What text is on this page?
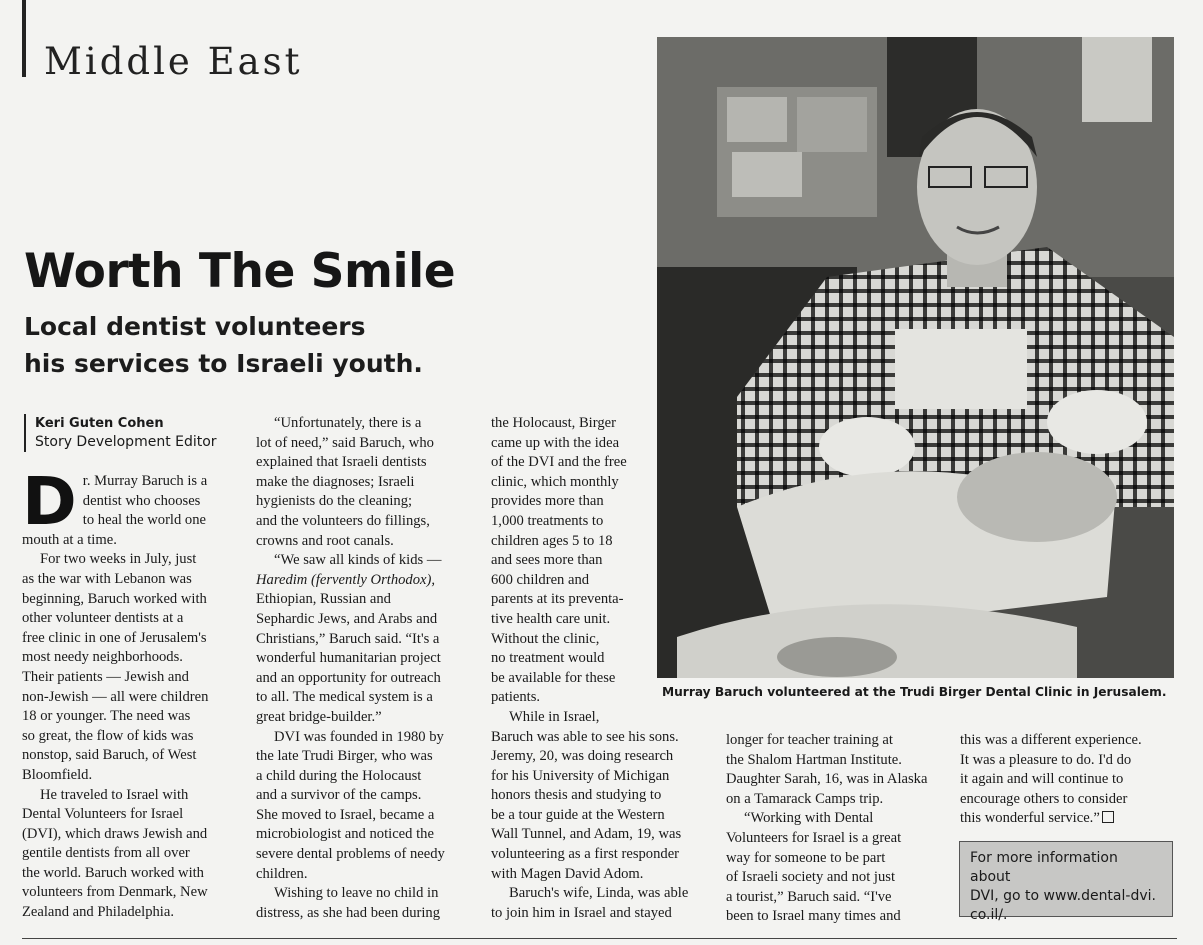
Middle East
Worth The Smile
Local dentist volunteers
his services to Israeli youth.
Keri Guten Cohen
Story Development Editor
D r. Murray Baruch is a

dentist who chooses

to heal the world one

mouth at a time.

For two weeks in July, just

as the war with Lebanon was

beginning, Baruch worked with

other volunteer dentists at a

free clinic in one of Jerusalem's

most needy neighborhoods.

Their patients — Jewish and

non-Jewish — all were children

18 or younger. The need was

so great, the flow of kids was

nonstop, said Baruch, of West

Bloomfield.

He traveled to Israel with

Dental Volunteers for Israel

(DVI), which draws Jewish and

gentile dentists from all over

the world. Baruch worked with

volunteers from Denmark, New

Zealand and Philadelphia.

“Unfortunately, there is a

lot of need,” said Baruch, who

explained that Israeli dentists

make the diagnoses; Israeli

hygienists do the cleaning;

and the volunteers do fillings,

crowns and root canals.

“We saw all kinds of kids —

Haredim (fervently Orthodox),

Ethiopian, Russian and

Sephardic Jews, and Arabs and

Christians,” Baruch said. “It's a

wonderful humanitarian project

and an opportunity for outreach

to all. The medical system is a

great bridge-builder.”

DVI was founded in 1980 by

the late Trudi Birger, who was

a child during the Holocaust

and a survivor of the camps.

She moved to Israel, became a

microbiologist and noticed the

severe dental problems of needy

children.

Wishing to leave no child in

distress, as she had been during

the Holocaust, Birger

came up with the idea

of the DVI and the free

clinic, which monthly

provides more than

1,000 treatments to

children ages 5 to 18

and sees more than

600 children and

parents at its preventa-

tive health care unit.

Without the clinic,

no treatment would

be available for these

patients.

While in Israel,

Baruch was able to see his sons.

Jeremy, 20, was doing research

for his University of Michigan

honors thesis and studying to

be a tour guide at the Western

Wall Tunnel, and Adam, 19, was

volunteering as a first responder

with Magen David Adom.

Baruch's wife, Linda, was able

to join him in Israel and stayed

Murray Baruch volunteered at the Trudi Birger Dental Clinic in Jerusalem.

longer for teacher training at

the Shalom Hartman Institute.

Daughter Sarah, 16, was in Alaska

on a Tamarack Camps trip.

“Working with Dental

Volunteers for Israel is a great

way for someone to be part

of Israeli society and not just

a tourist,” Baruch said. “I've

been to Israel many times and

this was a different experience.

It was a pleasure to do. I'd do

it again and will continue to

encourage others to consider

this wonderful service.”

For more information about
DVI, go to www.dental-dvi.
co.il/.
